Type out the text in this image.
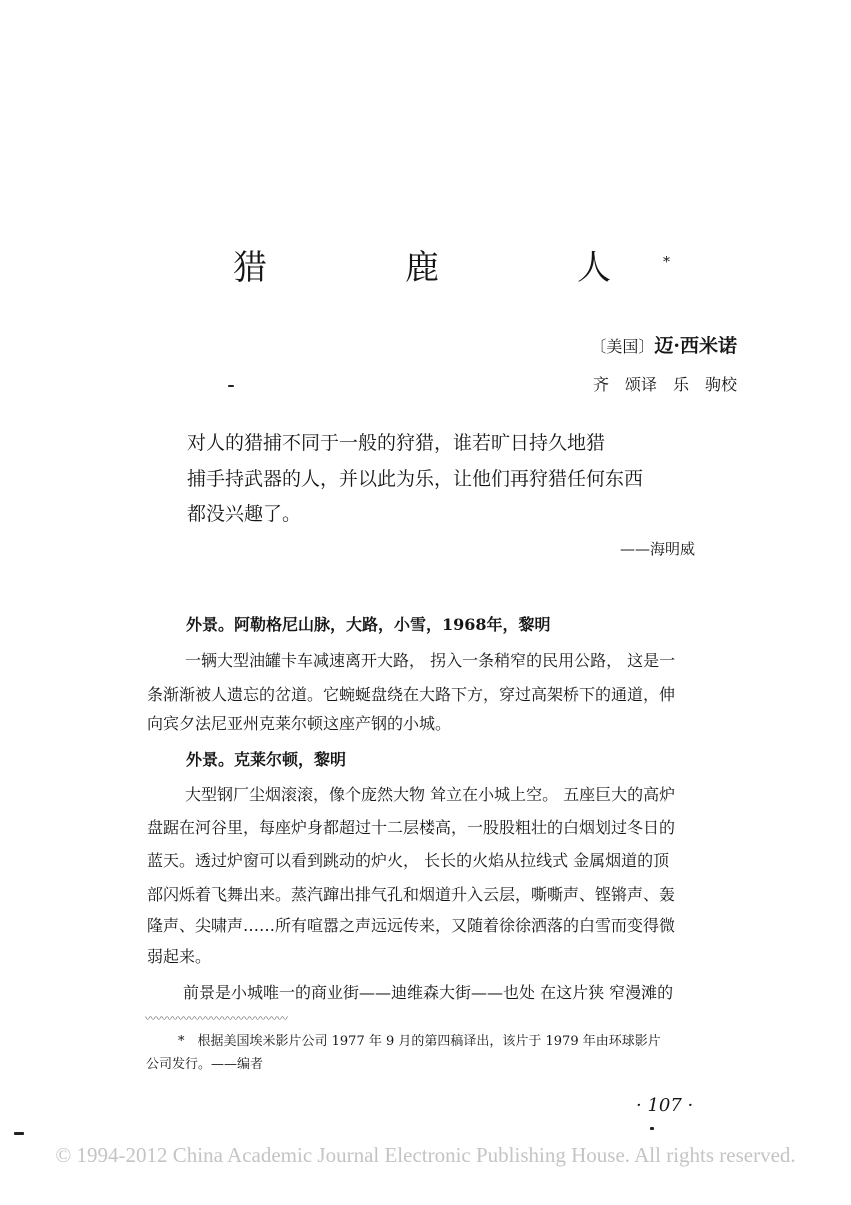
猎　鹿　人*
〔美国〕迈·西米诺
齐　颂译　乐　驹校
对人的猎捕不同于一般的狩猎，谁若旷日持久地猎
捕手持武器的人，并以此为乐，让他们再狩猎任何东西
都没兴趣了。
——海明威
外景。阿勒格尼山脉，大路，小雪，1968年，黎明
一辆大型油罐卡车减速离开大路， 拐入一条稍窄的民用公路， 这是一
条渐渐被人遗忘的岔道。它蜿蜒盘绕在大路下方，穿过高架桥下的通道，伸
向宾夕法尼亚州克莱尔顿这座产钢的小城。
外景。克莱尔顿，黎明
大型钢厂尘烟滚滚，像个庞然大物 耸立在小城上空。 五座巨大的高炉
盘踞在河谷里，每座炉身都超过十二层楼高，一股股粗壮的白烟划过冬日的
蓝天。透过炉窗可以看到跳动的炉火， 长长的火焰从拉线式 金属烟道的顶
部闪烁着飞舞出来。蒸汽蹿出排气孔和烟道升入云层，嘶嘶声、铿锵声、轰
隆声、尖啸声……所有喧嚣之声远远传来，又随着徐徐洒落的白雪而变得微
弱起来。
前景是小城唯一的商业街——迪维森大街——也处 在这片狭 窄漫滩的
〰〰〰〰〰〰〰〰〰〰〰〰〰
*　根据美国埃米影片公司 1977 年 9 月的第四稿译出，该片于 1979 年由环球影片
公司发行。——编者
· 107 ·
© 1994-2012 China Academic Journal Electronic Publishing House. All rights reserved.
